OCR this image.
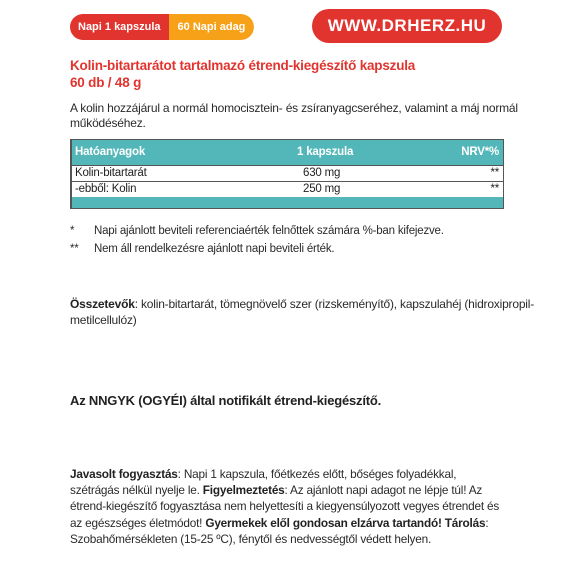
Napi 1 kapszula	60 Napi adag	WWW.DRHERZ.HU
Kolin-bitartarátot tartalmazó étrend-kiegészítő kapszula
60 db / 48 g
A kolin hozzájárul a normál homocisztein- és zsíranyagcseréhez, valamint a máj normál működéséhez.
Hatóanyagok	1 kapszula	NRV*%
Kolin-bitartarát	630 mg	**
-ebből: Kolin	250 mg	**
*	Napi ajánlott beviteli referenciaérték felnőttek számára %-ban kifejezve.
**	Nem áll rendelkezésre ajánlott napi beviteli érték.
Összetevők: kolin-bitartarát, tömegnövelő szer (rizskeményítő), kapszulahéj (hidroxipropil-metilcellulóz)
Az NNGYK (OGYÉI) által notifikált étrend-kiegészítő.
Javasolt fogyasztás: Napi 1 kapszula, főétkezés előtt, bőséges folyadékkal, szétrágás nélkül nyelje le. Figyelmeztetés: Az ajánlott napi adagot ne lépje túl! Az étrend-kiegészítő fogyasztása nem helyettesíti a kiegyensúlyozott vegyes étrendet és az egészséges életmódot! Gyermekek elől gondosan elzárva tartandó! Tárolás: Szobahőmérsékleten (15-25 ºC), fénytől és nedvességtől védett helyen.
